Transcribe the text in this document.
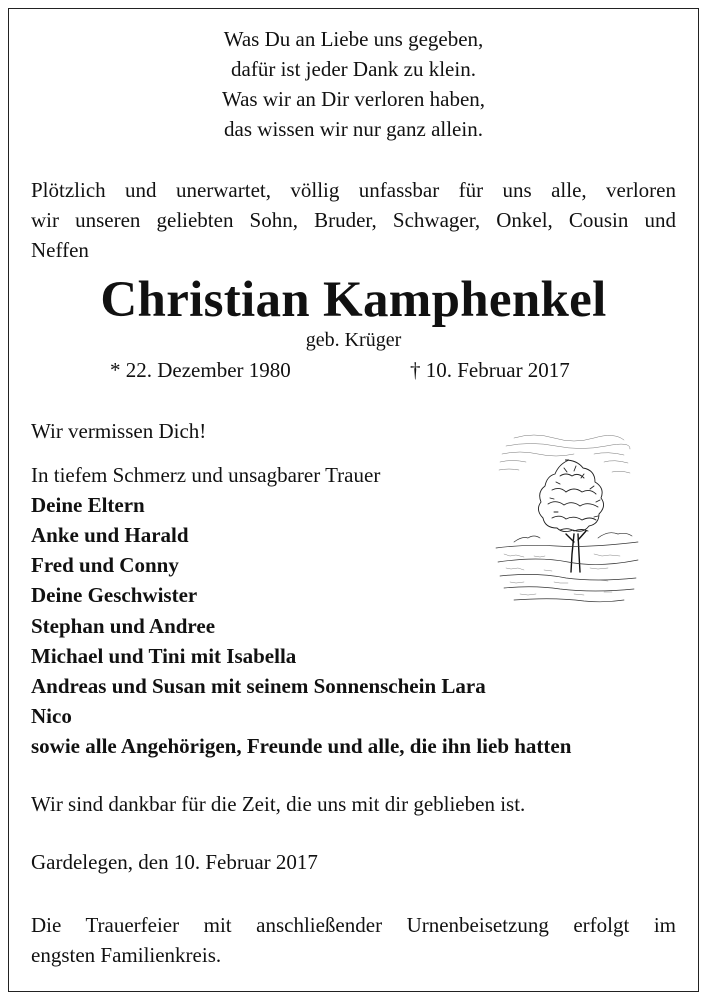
Was Du an Liebe uns gegeben,
dafür ist jeder Dank zu klein.
Was wir an Dir verloren haben,
das wissen wir nur ganz allein.
Plötzlich und unerwartet, völlig unfassbar für uns alle, verloren
wir unseren geliebten Sohn, Bruder, Schwager, Onkel, Cousin und
Neffen
Christian Kamphenkel
geb. Krüger
* 22. Dezember 1980	† 10. Februar 2017
Wir vermissen Dich!
In tiefem Schmerz und unsagbarer Trauer
Deine Eltern
Anke und Harald
Fred und Conny
Deine Geschwister
Stephan und Andree
Michael und Tini mit Isabella
Andreas und Susan mit seinem Sonnenschein Lara
Nico
sowie alle Angehörigen, Freunde und alle, die ihn lieb hatten
Wir sind dankbar für die Zeit, die uns mit dir geblieben ist.
Gardelegen, den 10. Februar 2017
Die Trauerfeier mit anschließender Urnenbeisetzung erfolgt im
engsten Familienkreis.
